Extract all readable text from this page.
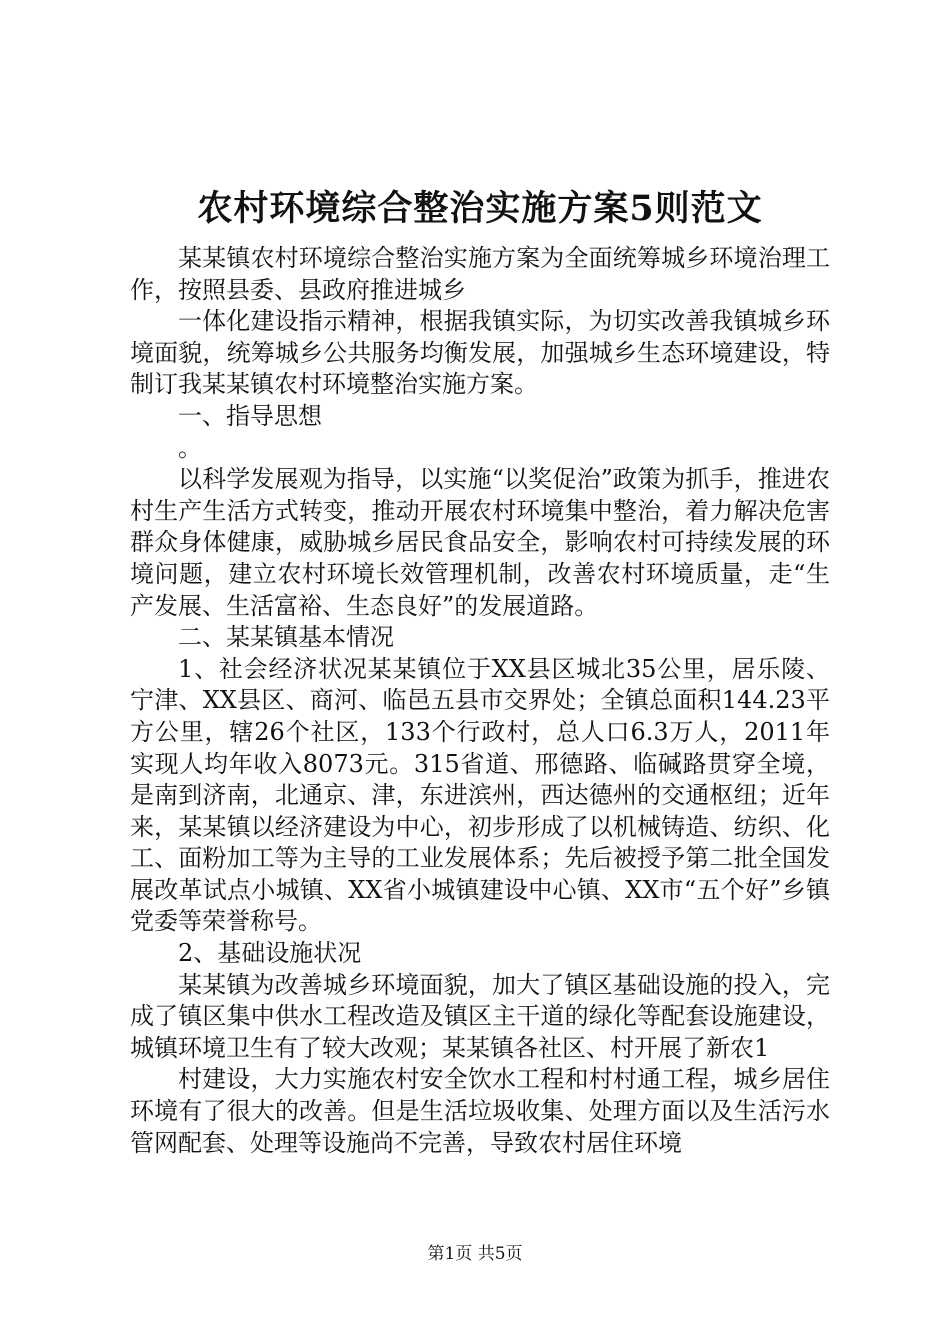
农村环境综合整治实施方案5则范文

某某镇农村环境综合整治实施方案为全面统筹城乡环境治理工作，按照县委、县政府推进城乡

一体化建设指示精神，根据我镇实际，为切实改善我镇城乡环境面貌，统筹城乡公共服务均衡发展，加强城乡生态环境建设，特制订我某某镇农村环境整治实施方案。

一、指导思想

。

以科学发展观为指导，以实施“以奖促治”政策为抓手，推进农村生产生活方式转变，推动开展农村环境集中整治，着力解决危害群众身体健康，威胁城乡居民食品安全，影响农村可持续发展的环境问题，建立农村环境长效管理机制，改善农村环境质量，走“生产发展、生活富裕、生态良好”的发展道路。

二、某某镇基本情况

1、社会经济状况某某镇位于XX县区城北35公里，居乐陵、宁津、XX县区、商河、临邑五县市交界处；全镇总面积144.23平方公里，辖26个社区，133个行政村，总人口6.3万人，2011年实现人均年收入8073元。315省道、邢德路、临碱路贯穿全境，是南到济南，北通京、津，东进滨州，西达德州的交通枢纽；近年来，某某镇以经济建设为中心，初步形成了以机械铸造、纺织、化工、面粉加工等为主导的工业发展体系；先后被授予第二批全国发展改革试点小城镇、XX省小城镇建设中心镇、XX市“五个好”乡镇党委等荣誉称号。

2、基础设施状况

某某镇为改善城乡环境面貌，加大了镇区基础设施的投入，完成了镇区集中供水工程改造及镇区主干道的绿化等配套设施建设，城镇环境卫生有了较大改观；某某镇各社区、村开展了新农1

村建设，大力实施农村安全饮水工程和村村通工程，城乡居住环境有了很大的改善。但是生活垃圾收集、处理方面以及生活污水管网配套、处理等设施尚不完善，导致农村居住环境

第1页 共5页
